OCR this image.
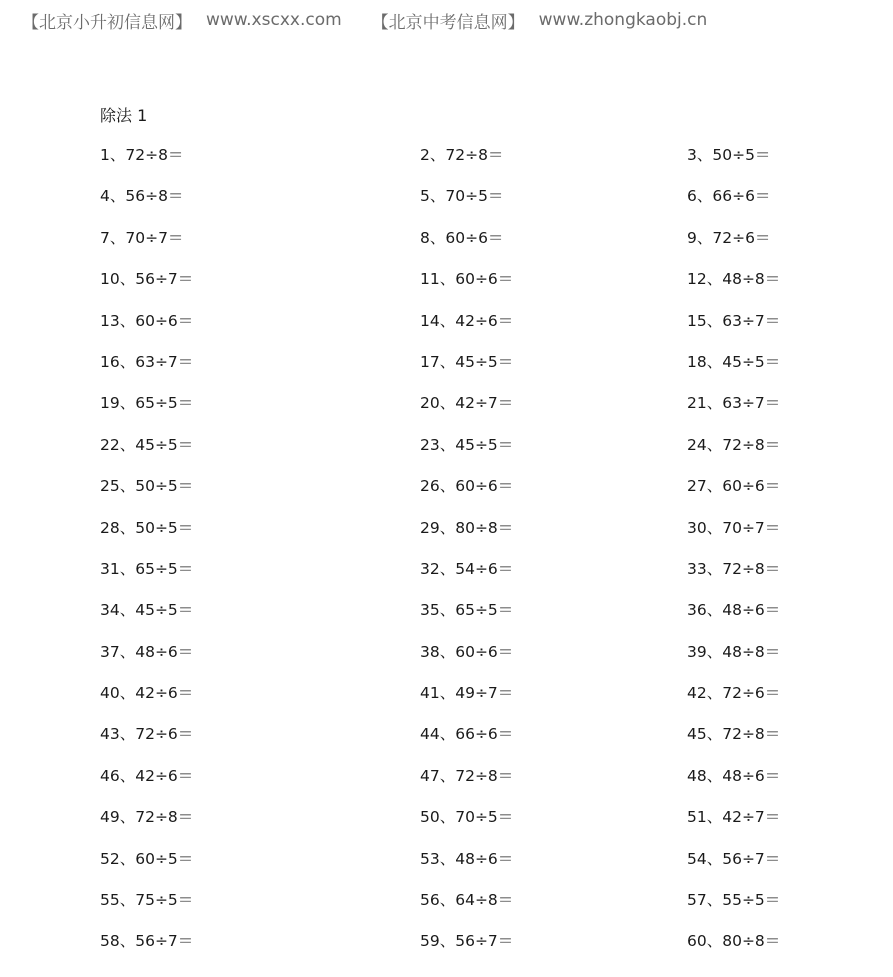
【北京小升初信息网】 www.xscxx.com 【北京中考信息网】 www.zhongkaobj.cn
除法 1
1、72÷8＝	2、72÷8＝	3、50÷5＝
4、56÷8＝	5、70÷5＝	6、66÷6＝
7、70÷7＝	8、60÷6＝	9、72÷6＝
10、56÷7＝	11、60÷6＝	12、48÷8＝
13、60÷6＝	14、42÷6＝	15、63÷7＝
16、63÷7＝	17、45÷5＝	18、45÷5＝
19、65÷5＝	20、42÷7＝	21、63÷7＝
22、45÷5＝	23、45÷5＝	24、72÷8＝
25、50÷5＝	26、60÷6＝	27、60÷6＝
28、50÷5＝	29、80÷8＝	30、70÷7＝
31、65÷5＝	32、54÷6＝	33、72÷8＝
34、45÷5＝	35、65÷5＝	36、48÷6＝
37、48÷6＝	38、60÷6＝	39、48÷8＝
40、42÷6＝	41、49÷7＝	42、72÷6＝
43、72÷6＝	44、66÷6＝	45、72÷8＝
46、42÷6＝	47、72÷8＝	48、48÷6＝
49、72÷8＝	50、70÷5＝	51、42÷7＝
52、60÷5＝	53、48÷6＝	54、56÷7＝
55、75÷5＝	56、64÷8＝	57、55÷5＝
58、56÷7＝	59、56÷7＝	60、80÷8＝
